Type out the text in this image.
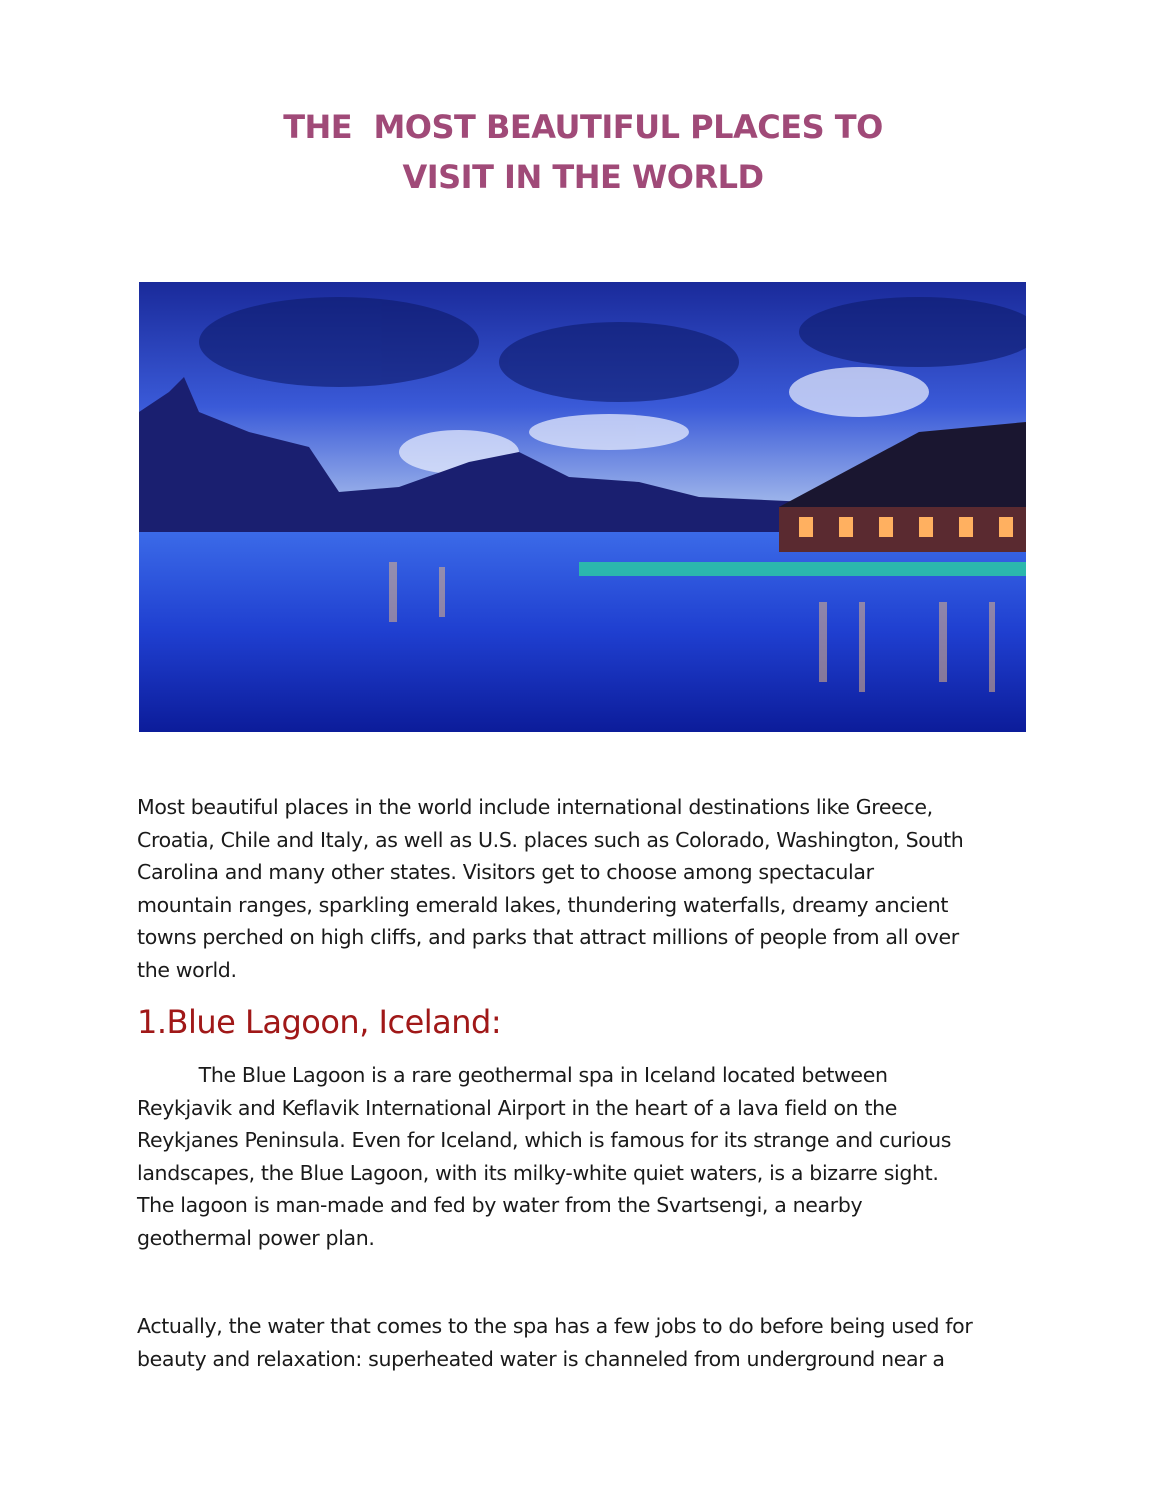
THE  MOST BEAUTIFUL PLACES TO
VISIT IN THE WORLD
Most beautiful places in the world include international destinations like Greece,
Croatia, Chile and Italy, as well as U.S. places such as Colorado, Washington, South
Carolina and many other states. Visitors get to choose among spectacular
mountain ranges, sparkling emerald lakes, thundering waterfalls, dreamy ancient
towns perched on high cliffs, and parks that attract millions of people from all over
the world.
1.Blue Lagoon, Iceland:
The Blue Lagoon is a rare geothermal spa in Iceland located between
Reykjavik and Keflavik International Airport in the heart of a lava field on the
Reykjanes Peninsula. Even for Iceland, which is famous for its strange and curious
landscapes, the Blue Lagoon, with its milky-white quiet waters, is a bizarre sight.
The lagoon is man-made and fed by water from the Svartsengi, a nearby
geothermal power plan.
Actually, the water that comes to the spa has a few jobs to do before being used for
beauty and relaxation: superheated water is channeled from underground near a
